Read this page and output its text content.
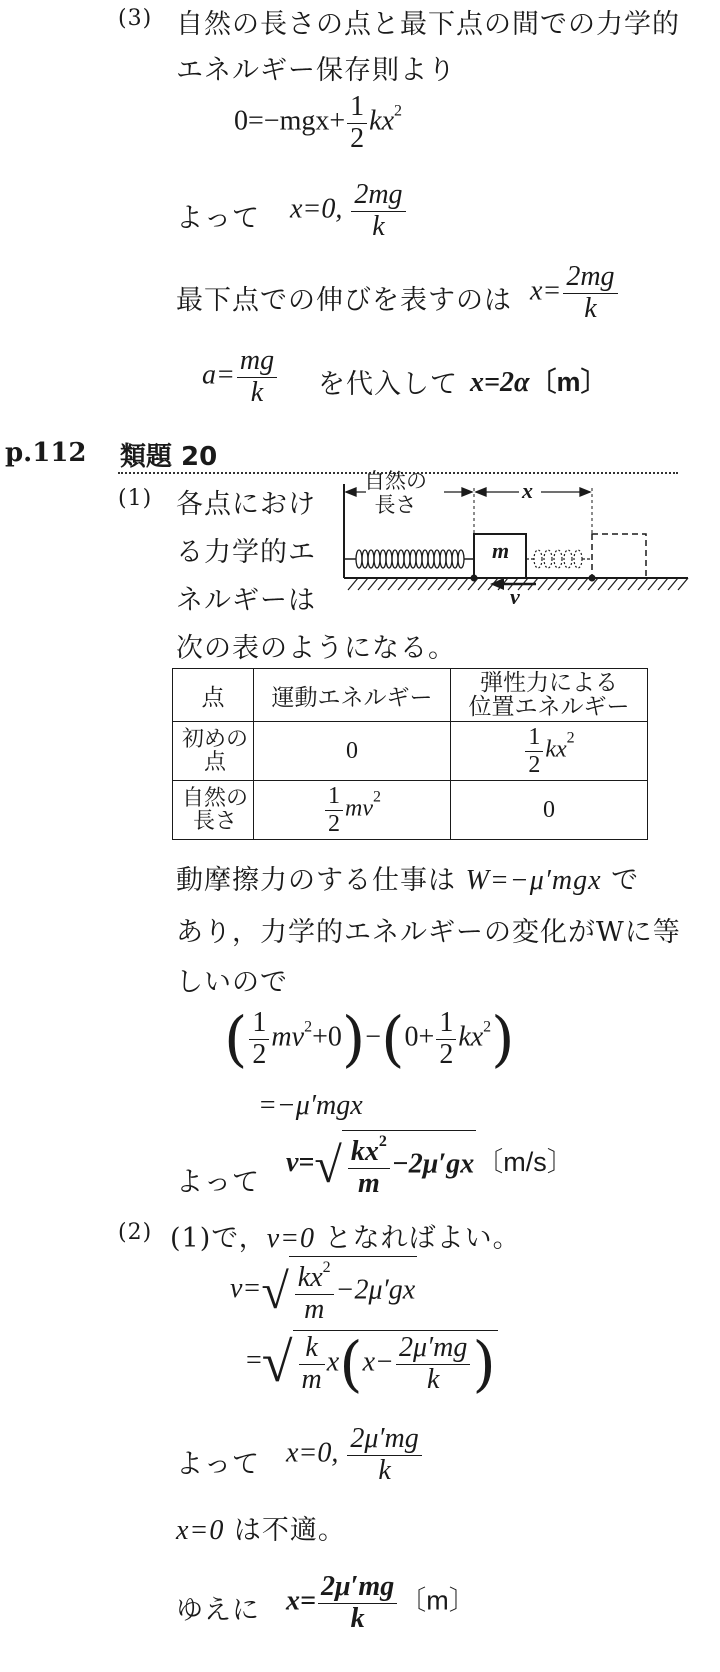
(3) 自然の長さの点と最下点の間での力学的
エネルギー保存則より
$0=-mgx+ \frac{1}{2} kx^2$
よって x=0, $\frac{2mg}{k}$
最下点での伸びを表すのは $x= \frac{2mg}{k}$
$a= \frac{mg}{k}$ を代入して x=2α〔m〕
p.112 類題 20
(1) 各点におけ
る力学的エ
ネルギーは
次の表のようになる。
自然の
長さ
x
m
v
点	運動エネルギー	弾性力による
位置エネルギー
初めの点	0	$\frac{1}{2} kx^2$
自然の長さ	$\frac{1}{2} mv^2$	0
動摩擦力のする仕事は W=−μ′mgx で
あり，力学的エネルギーの変化がWに等
しいので
( $\frac{1}{2} mv^2+0)-(0+ \frac{1}{2} kx^2)$
=−μ′mgx
よって
$v=√ \frac{kx^2}{m} -2\mu'gx$〔m/s〕
(2) (1)で，v=0 となればよい。
$v=√ \frac{kx^2}{m} -2\mu'gx$
=√ $\frac{k}{m} x(x- \frac{2\mu'mg}{k}$ )
よって x=0, $\frac{2\mu'mg}{k}$
x=0 は不適。
ゆえに $x= \frac{2\mu'mg}{k}$ 〔m〕
